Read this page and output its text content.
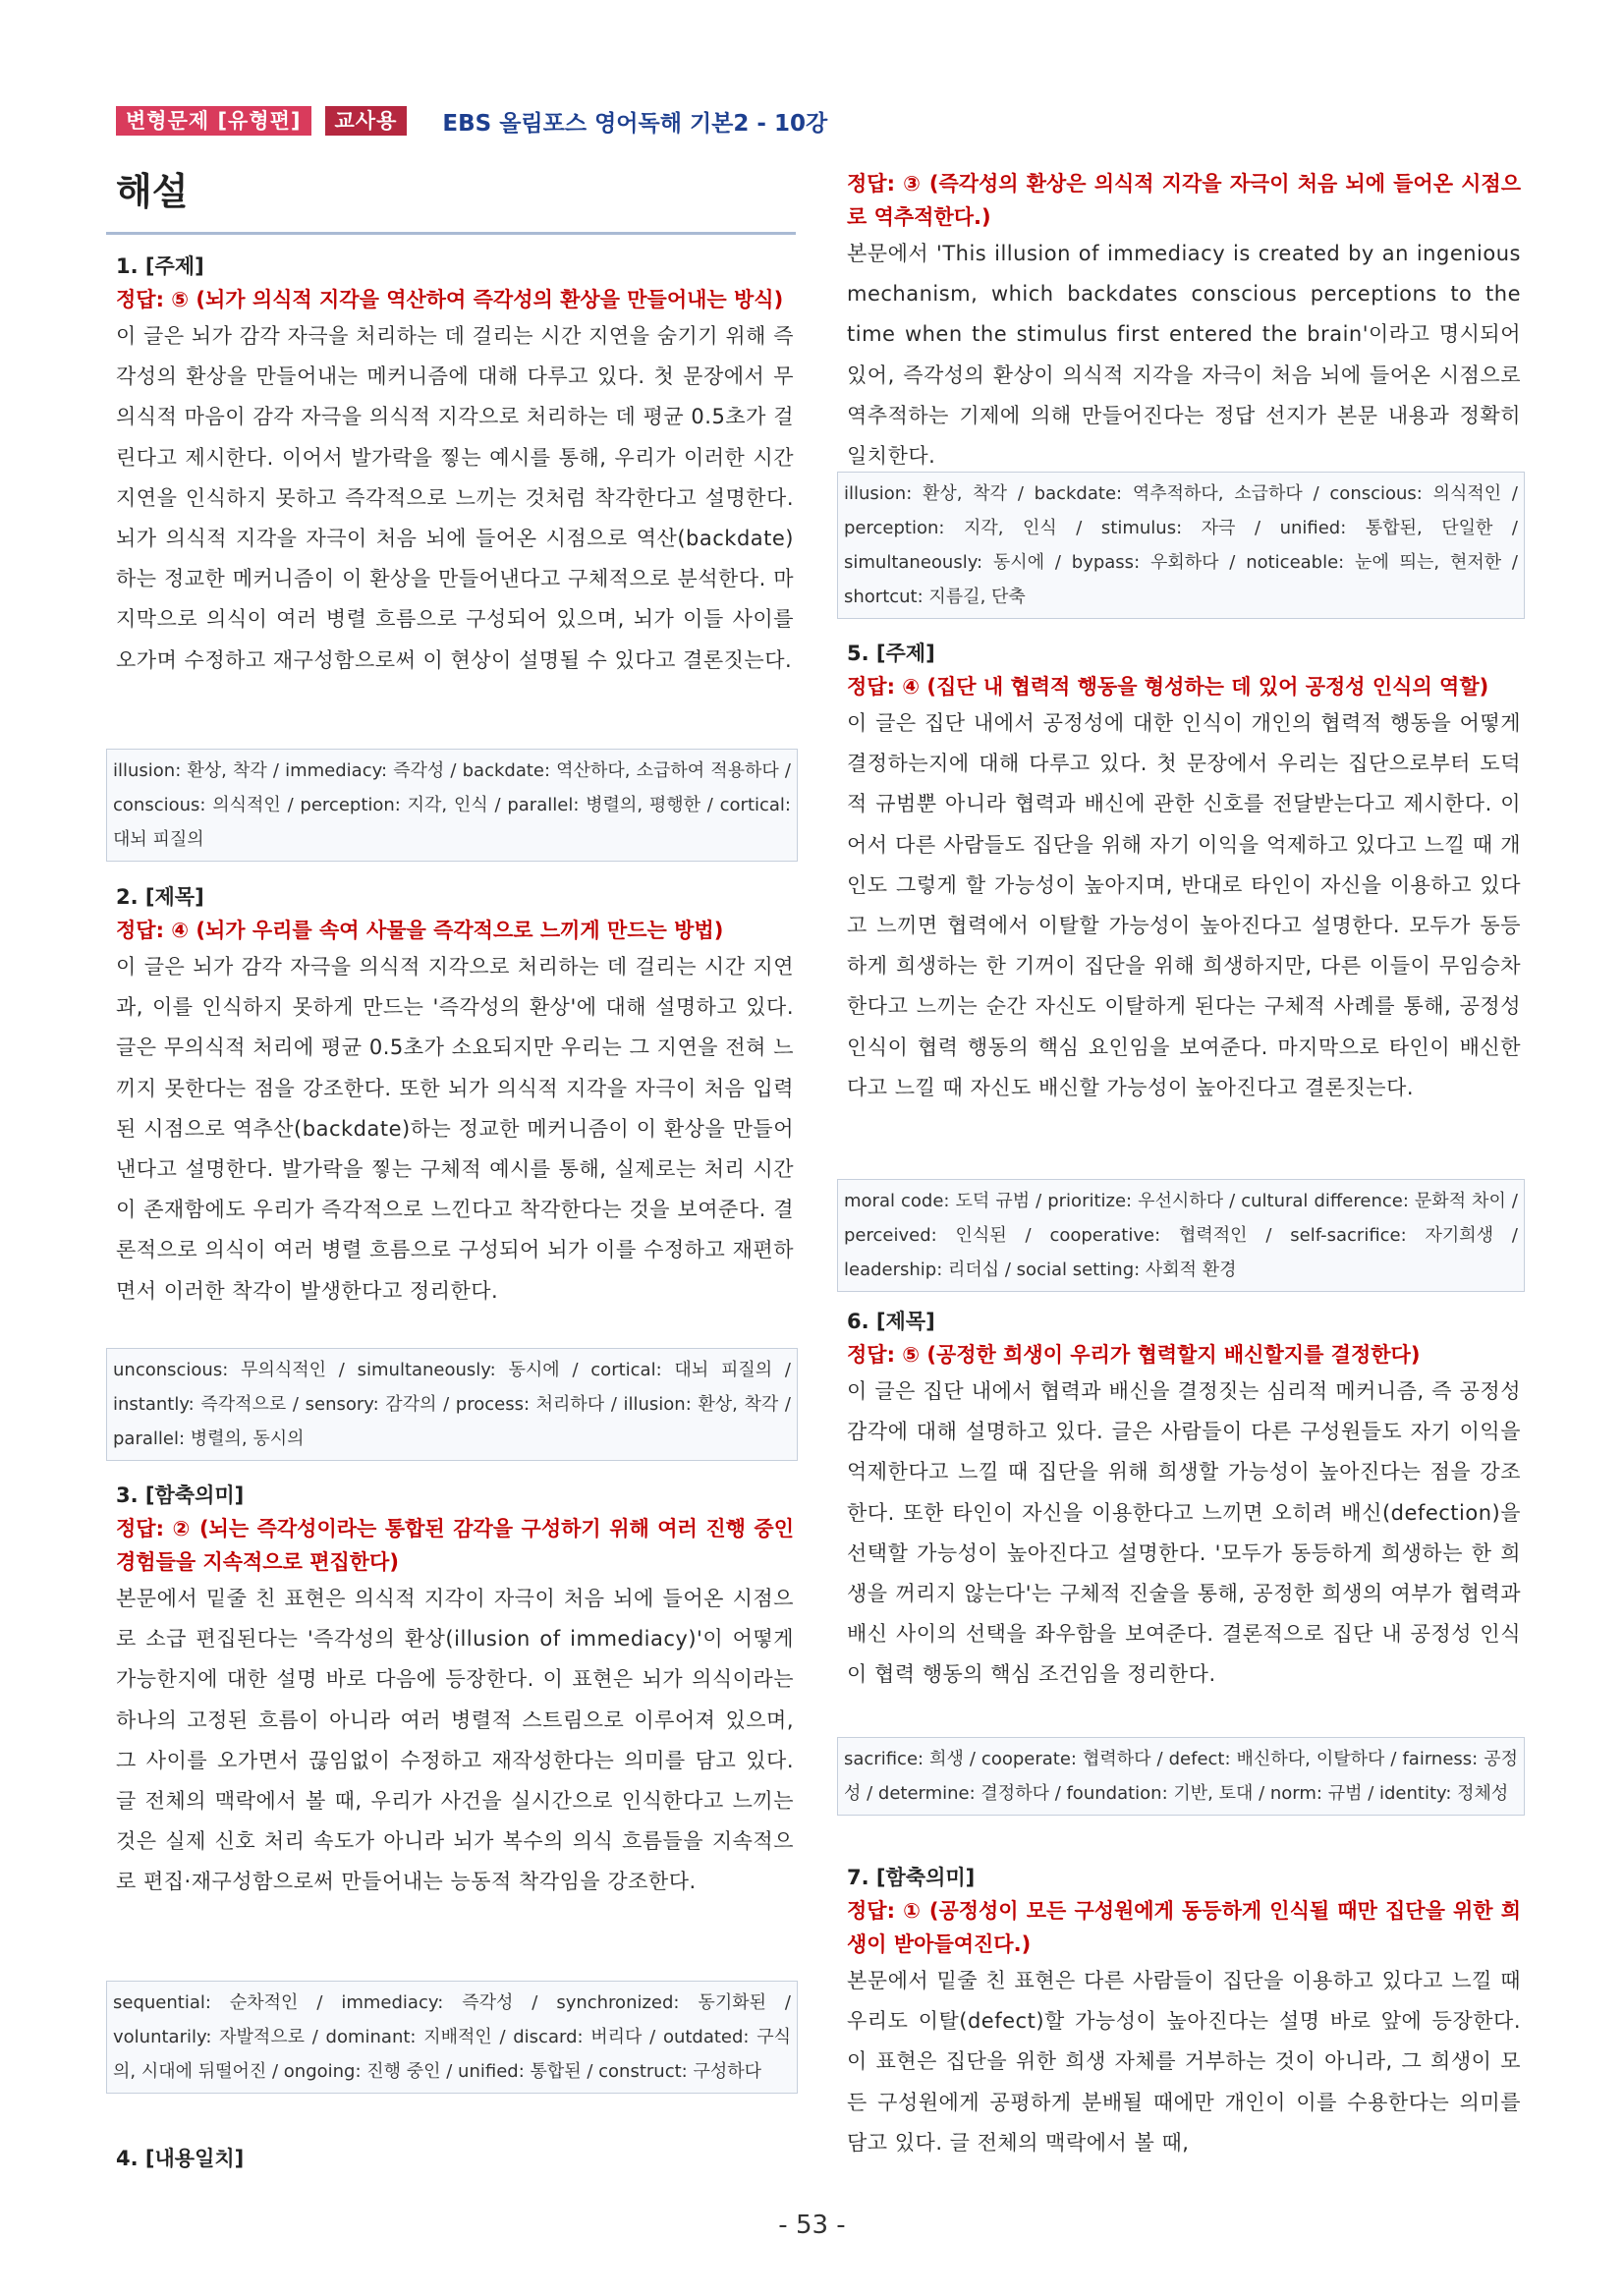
변형문제 [유형편]	교사용	EBS 올림포스 영어독해 기본2 - 10강
해설
1. [주제]
정답: ⑤ (뇌가 의식적 지각을 역산하여 즉각성의 환상을 만들어내는 방식)
이 글은 뇌가 감각 자극을 처리하는 데 걸리는 시간 지연을 숨기기 위해 즉각성의 환상을 만들어내는 메커니즘에 대해 다루고 있다. 첫 문장에서 무의식적 마음이 감각 자극을 의식적 지각으로 처리하는 데 평균 0.5초가 걸린다고 제시한다. 이어서 발가락을 찧는 예시를 통해, 우리가 이러한 시간 지연을 인식하지 못하고 즉각적으로 느끼는 것처럼 착각한다고 설명한다. 뇌가 의식적 지각을 자극이 처음 뇌에 들어온 시점으로 역산(backdate)하는 정교한 메커니즘이 이 환상을 만들어낸다고 구체적으로 분석한다. 마지막으로 의식이 여러 병렬 흐름으로 구성되어 있으며, 뇌가 이들 사이를 오가며 수정하고 재구성함으로써 이 현상이 설명될 수 있다고 결론짓는다.
illusion: 환상, 착각 / immediacy: 즉각성 / backdate: 역산하다, 소급하여 적용하다 / conscious: 의식적인 / perception: 지각, 인식 / parallel: 병렬의, 평행한 / cortical: 대뇌 피질의
2. [제목]
정답: ④ (뇌가 우리를 속여 사물을 즉각적으로 느끼게 만드는 방법)
이 글은 뇌가 감각 자극을 의식적 지각으로 처리하는 데 걸리는 시간 지연과, 이를 인식하지 못하게 만드는 '즉각성의 환상'에 대해 설명하고 있다. 글은 무의식적 처리에 평균 0.5초가 소요되지만 우리는 그 지연을 전혀 느끼지 못한다는 점을 강조한다. 또한 뇌가 의식적 지각을 자극이 처음 입력된 시점으로 역추산(backdate)하는 정교한 메커니즘이 이 환상을 만들어 낸다고 설명한다. 발가락을 찧는 구체적 예시를 통해, 실제로는 처리 시간이 존재함에도 우리가 즉각적으로 느낀다고 착각한다는 것을 보여준다. 결론적으로 의식이 여러 병렬 흐름으로 구성되어 뇌가 이를 수정하고 재편하면서 이러한 착각이 발생한다고 정리한다.
unconscious: 무의식적인 / simultaneously: 동시에 / cortical: 대뇌 피질의 / instantly: 즉각적으로 / sensory: 감각의 / process: 처리하다 / illusion: 환상, 착각 / parallel: 병렬의, 동시의
3. [함축의미]
정답: ② (뇌는 즉각성이라는 통합된 감각을 구성하기 위해 여러 진행 중인 경험들을 지속적으로 편집한다)
본문에서 밑줄 친 표현은 의식적 지각이 자극이 처음 뇌에 들어온 시점으로 소급 편집된다는 '즉각성의 환상(illusion of immediacy)'이 어떻게 가능한지에 대한 설명 바로 다음에 등장한다. 이 표현은 뇌가 의식이라는 하나의 고정된 흐름이 아니라 여러 병렬적 스트림으로 이루어져 있으며, 그 사이를 오가면서 끊임없이 수정하고 재작성한다는 의미를 담고 있다. 글 전체의 맥락에서 볼 때, 우리가 사건을 실시간으로 인식한다고 느끼는 것은 실제 신호 처리 속도가 아니라 뇌가 복수의 의식 흐름들을 지속적으로 편집·재구성함으로써 만들어내는 능동적 착각임을 강조한다.
sequential: 순차적인 / immediacy: 즉각성 / synchronized: 동기화된 / voluntarily: 자발적으로 / dominant: 지배적인 / discard: 버리다 / outdated: 구식의, 시대에 뒤떨어진 / ongoing: 진행 중인 / unified: 통합된 / construct: 구성하다
4. [내용일치]
정답: ③ (즉각성의 환상은 의식적 지각을 자극이 처음 뇌에 들어온 시점으로 역추적한다.)
본문에서 'This illusion of immediacy is created by an ingenious mechanism, which backdates conscious perceptions to the time when the stimulus first entered the brain'이라고 명시되어 있어, 즉각성의 환상이 의식적 지각을 자극이 처음 뇌에 들어온 시점으로 역추적하는 기제에 의해 만들어진다는 정답 선지가 본문 내용과 정확히 일치한다.
illusion: 환상, 착각 / backdate: 역추적하다, 소급하다 / conscious: 의식적인 / perception: 지각, 인식 / stimulus: 자극 / unified: 통합된, 단일한 / simultaneously: 동시에 / bypass: 우회하다 / noticeable: 눈에 띄는, 현저한 / shortcut: 지름길, 단축
5. [주제]
정답: ④ (집단 내 협력적 행동을 형성하는 데 있어 공정성 인식의 역할)
이 글은 집단 내에서 공정성에 대한 인식이 개인의 협력적 행동을 어떻게 결정하는지에 대해 다루고 있다. 첫 문장에서 우리는 집단으로부터 도덕적 규범뿐 아니라 협력과 배신에 관한 신호를 전달받는다고 제시한다. 이어서 다른 사람들도 집단을 위해 자기 이익을 억제하고 있다고 느낄 때 개인도 그렇게 할 가능성이 높아지며, 반대로 타인이 자신을 이용하고 있다고 느끼면 협력에서 이탈할 가능성이 높아진다고 설명한다. 모두가 동등하게 희생하는 한 기꺼이 집단을 위해 희생하지만, 다른 이들이 무임승차한다고 느끼는 순간 자신도 이탈하게 된다는 구체적 사례를 통해, 공정성 인식이 협력 행동의 핵심 요인임을 보여준다. 마지막으로 타인이 배신한다고 느낄 때 자신도 배신할 가능성이 높아진다고 결론짓는다.
moral code: 도덕 규범 / prioritize: 우선시하다 / cultural difference: 문화적 차이 / perceived: 인식된 / cooperative: 협력적인 / self-sacrifice: 자기희생 / leadership: 리더십 / social setting: 사회적 환경
6. [제목]
정답: ⑤ (공정한 희생이 우리가 협력할지 배신할지를 결정한다)
이 글은 집단 내에서 협력과 배신을 결정짓는 심리적 메커니즘, 즉 공정성 감각에 대해 설명하고 있다. 글은 사람들이 다른 구성원들도 자기 이익을 억제한다고 느낄 때 집단을 위해 희생할 가능성이 높아진다는 점을 강조한다. 또한 타인이 자신을 이용한다고 느끼면 오히려 배신(defection)을 선택할 가능성이 높아진다고 설명한다. '모두가 동등하게 희생하는 한 희생을 꺼리지 않는다'는 구체적 진술을 통해, 공정한 희생의 여부가 협력과 배신 사이의 선택을 좌우함을 보여준다. 결론적으로 집단 내 공정성 인식이 협력 행동의 핵심 조건임을 정리한다.
sacrifice: 희생 / cooperate: 협력하다 / defect: 배신하다, 이탈하다 / fairness: 공정성 / determine: 결정하다 / foundation: 기반, 토대 / norm: 규범 / identity: 정체성
7. [함축의미]
정답: ① (공정성이 모든 구성원에게 동등하게 인식될 때만 집단을 위한 희생이 받아들여진다.)
본문에서 밑줄 친 표현은 다른 사람들이 집단을 이용하고 있다고 느낄 때 우리도 이탈(defect)할 가능성이 높아진다는 설명 바로 앞에 등장한다. 이 표현은 집단을 위한 희생 자체를 거부하는 것이 아니라, 그 희생이 모든 구성원에게 공평하게 분배될 때에만 개인이 이를 수용한다는 의미를 담고 있다. 글 전체의 맥락에서 볼 때,
- 53 -
